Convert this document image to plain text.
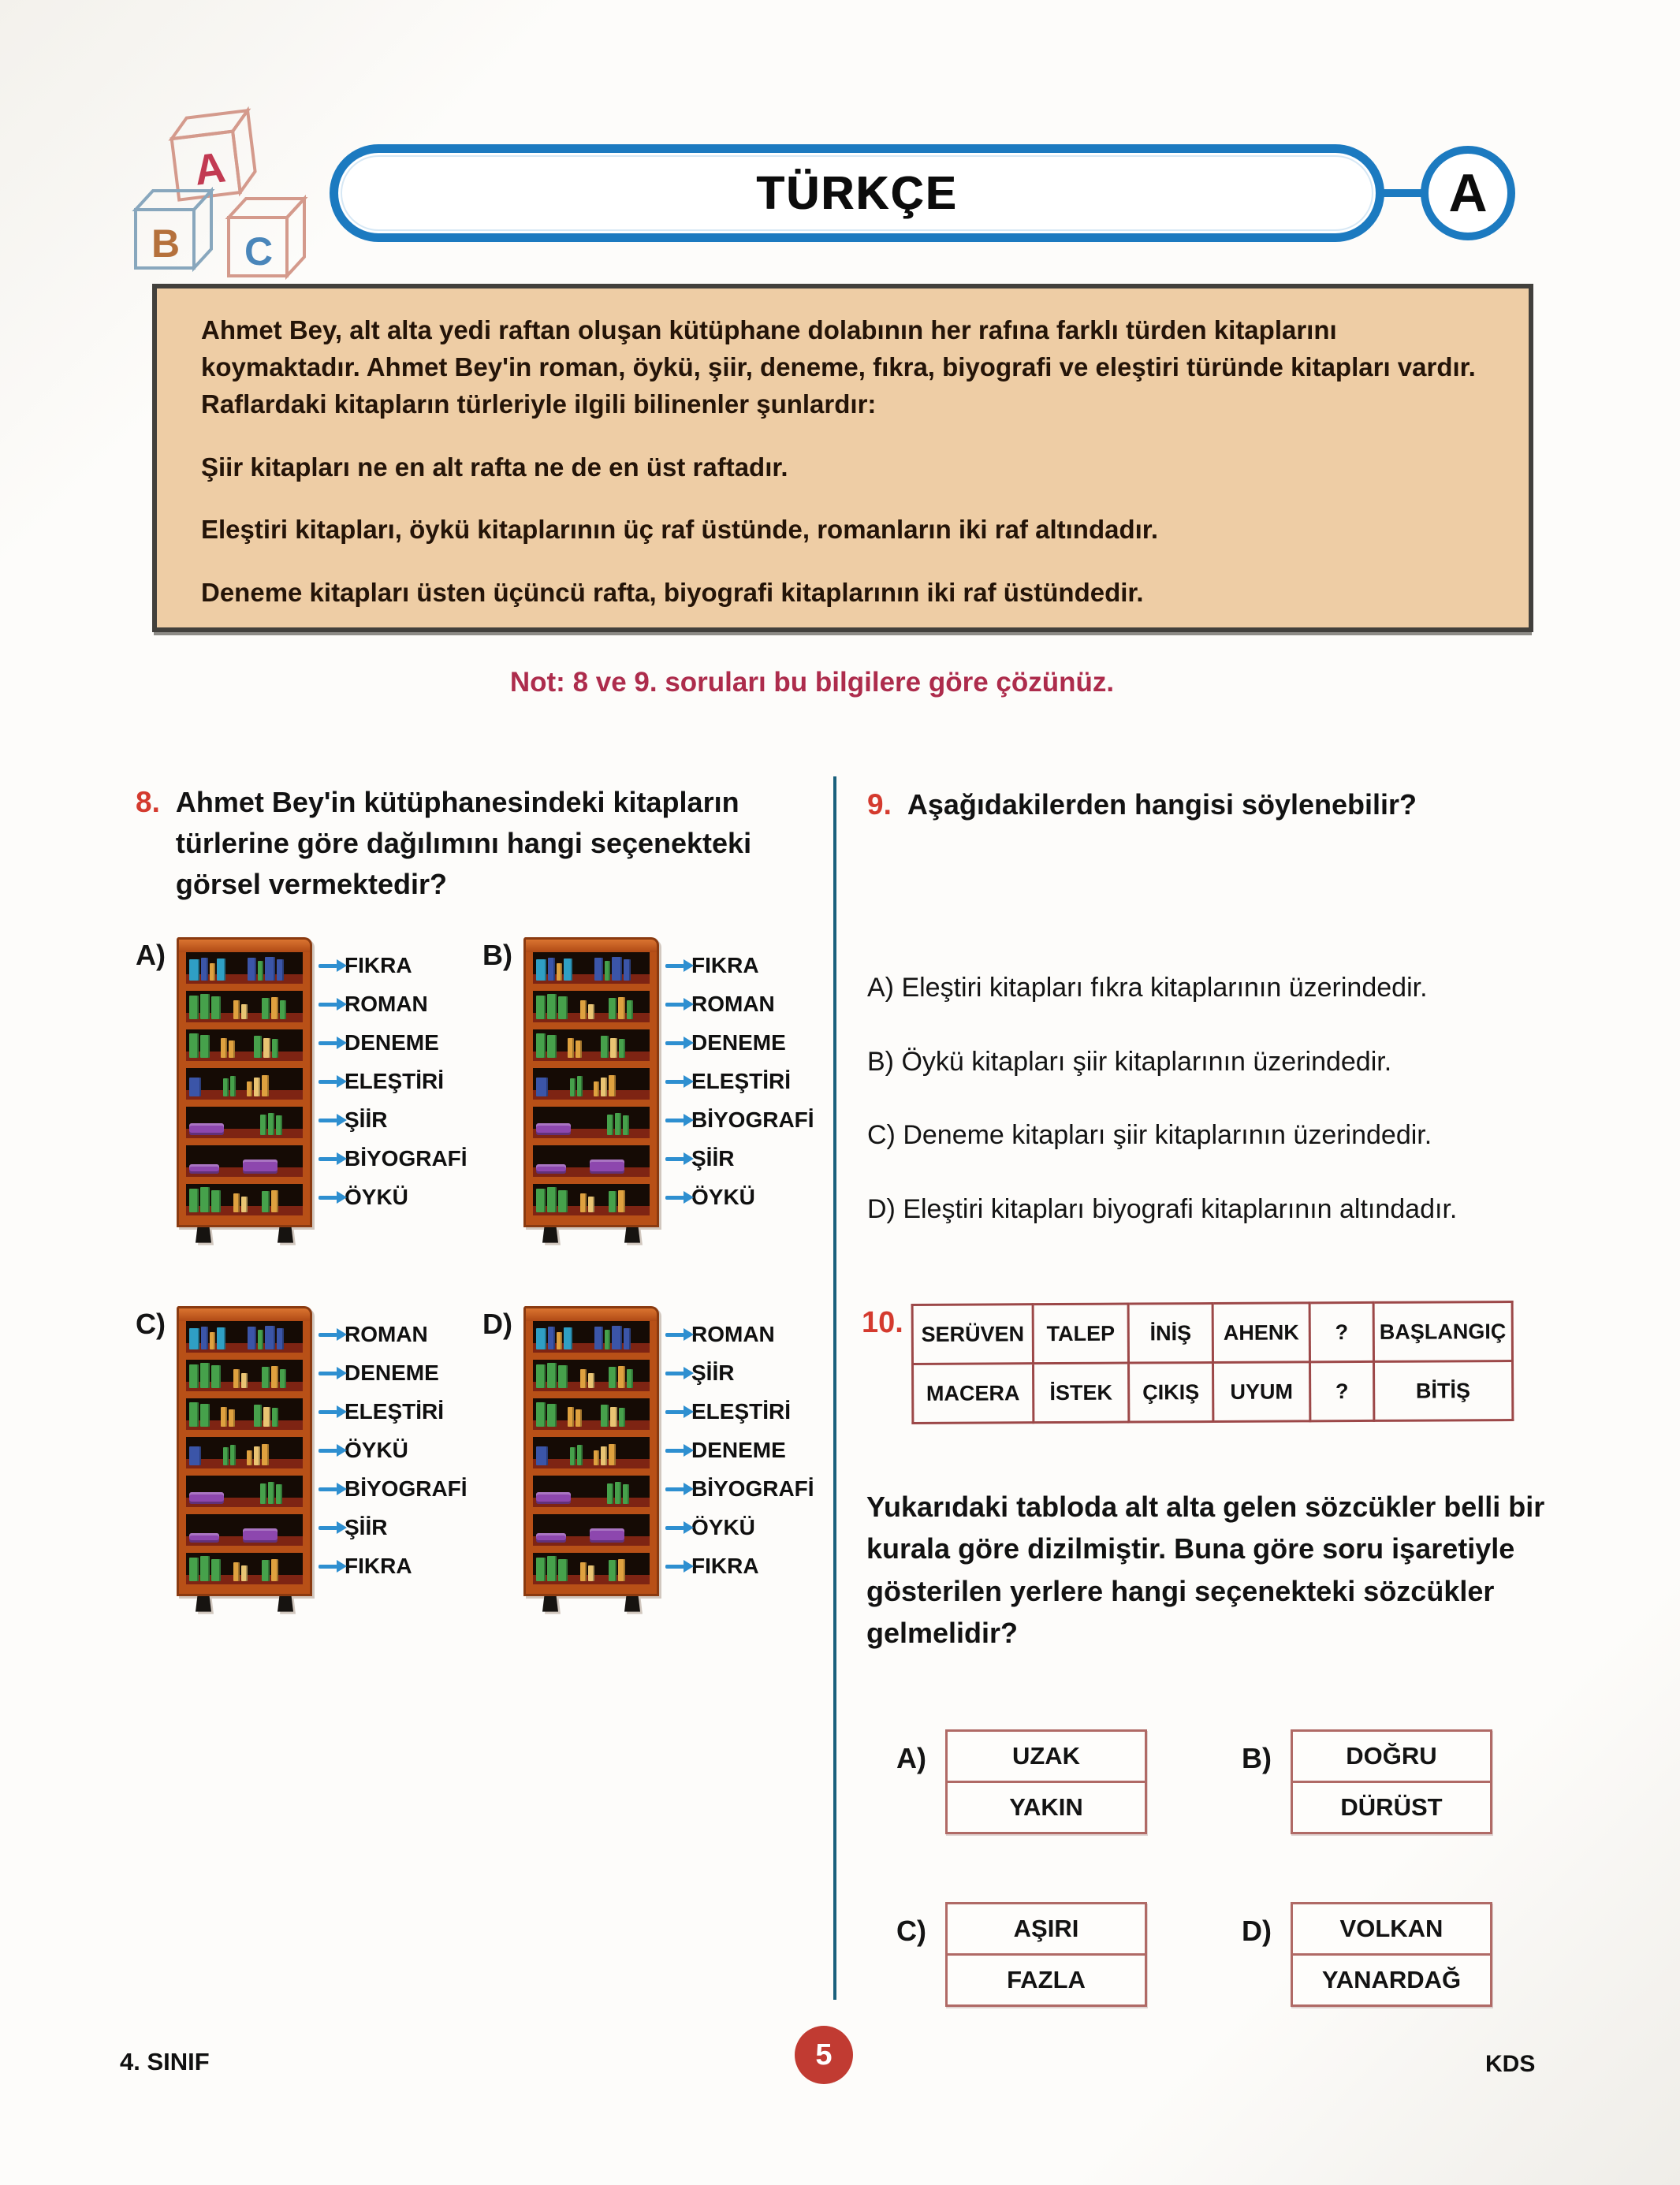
A
B C
TÜRKÇE	A

Ahmet Bey, alt alta yedi raftan oluşan kütüphane dolabının her rafına farklı türden kitaplarını koymaktadır. Ahmet Bey'in roman, öykü, şiir, deneme, fıkra, biyografi ve eleştiri türünde kitapları vardır. Raflardaki kitapların türleriyle ilgili bilinenler şunlardır:

Şiir kitapları ne en alt rafta ne de en üst raftadır.

Eleştiri kitapları, öykü kitaplarının üç raf üstünde, romanların iki raf altındadır.

Deneme kitapları üsten üçüncü rafta, biyografi kitaplarının iki raf üstündedir.

Not: 8 ve 9. soruları bu bilgilere göre çözünüz.
8. Ahmet Bey'in kütüphanesindeki kitapların türlerine göre dağılımını hangi seçenekteki görsel vermektedir?

A)	FIKRA
ROMAN
DENEME
ELEŞTİRİ
ŞİİR
BİYOGRAFİ
ÖYKÜ
B)	FIKRA
ROMAN
DENEME
ELEŞTİRİ
BİYOGRAFİ
ŞİİR
ÖYKÜ
C)	ROMAN
DENEME
ELEŞTİRİ
ÖYKÜ
BİYOGRAFİ
ŞİİR
FIKRA
D)	ROMAN
ŞİİR
ELEŞTİRİ
DENEME
BİYOGRAFİ
ÖYKÜ
FIKRA
9. Aşağıdakilerden hangisi söylenebilir?

A) Eleştiri kitapları fıkra kitaplarının üzerindedir.
B) Öykü kitapları şiir kitaplarının üzerindedir.
C) Deneme kitapları şiir kitaplarının üzerindedir.
D) Eleştiri kitapları biyografi kitaplarının altındadır.
10. SERÜVEN	TALEP	İNİŞ	AHENK	?	BAŞLANGIÇ
MACERA	İSTEK	ÇIKIŞ	UYUM	?	BİTİŞ

Yukarıdaki tabloda alt alta gelen sözcükler belli bir kurala göre dizilmiştir. Buna göre soru işaretiyle gösterilen yerlere hangi seçenekteki sözcükler gelmelidir?

A)	UZAK
YAKIN
B)	DOĞRU
DÜRÜST
C)	AŞIRI
FAZLA
D)	VOLKAN
YANARDAĞ
4. SINIF	5	KDS
